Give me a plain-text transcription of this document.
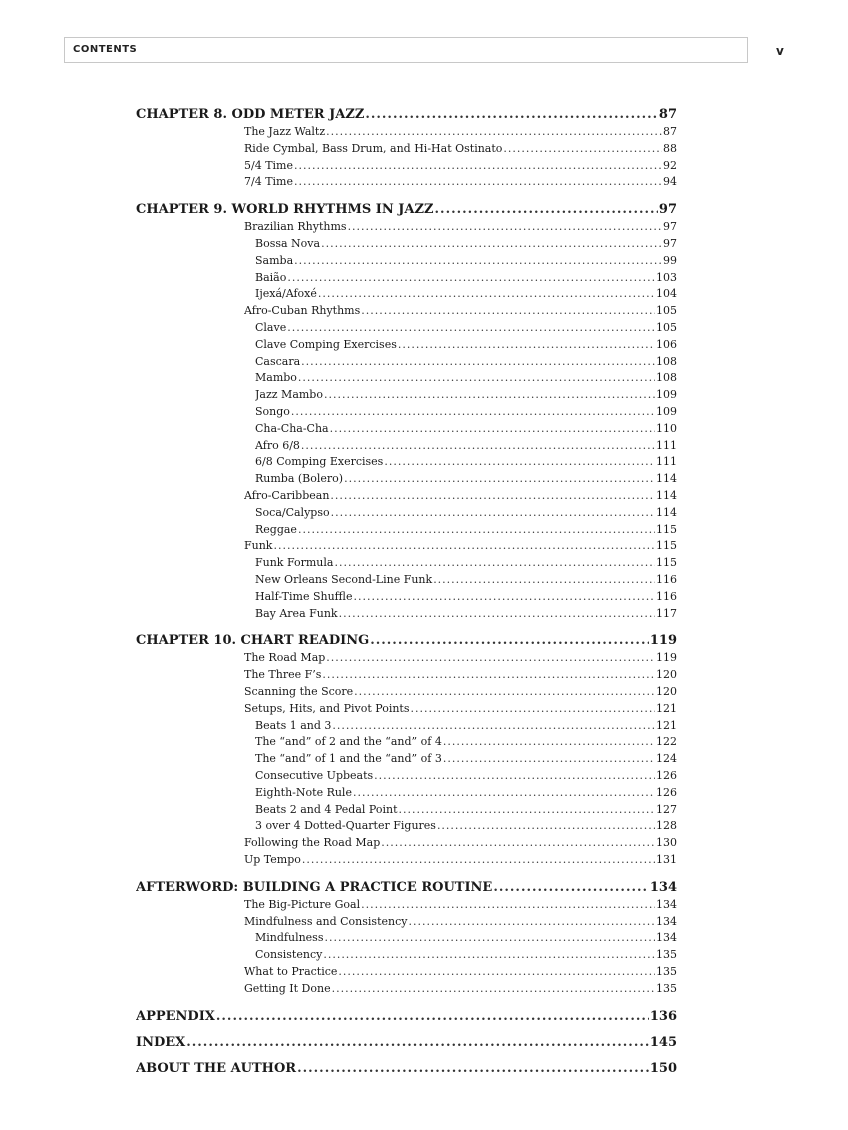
CONTENTS	v
CHAPTER 8. ODD METER JAZZ .....	87
The Jazz Waltz .....	87
Ride Cymbal, Bass Drum, and Hi-Hat Ostinato .....	88
5/4 Time .....	92
7/4 Time .....	94
CHAPTER 9. WORLD RHYTHMS IN JAZZ .....	97
Brazilian Rhythms .....	97
Bossa Nova .....	97
Samba .....	99
Baião .....	103
Ijexá/Afoxé .....	104
Afro-Cuban Rhythms .....	105
Clave .....	105
Clave Comping Exercises .....	106
Cascara .....	108
Mambo .....	108
Jazz Mambo .....	109
Songo .....	109
Cha-Cha-Cha .....	110
Afro 6/8 .....	111
6/8 Comping Exercises .....	111
Rumba (Bolero) .....	114
Afro-Caribbean .....	114
Soca/Calypso .....	114
Reggae .....	115
Funk .....	115
Funk Formula .....	115
New Orleans Second-Line Funk .....	116
Half-Time Shuffle .....	116
Bay Area Funk .....	117
CHAPTER 10. CHART READING .....	119
The Road Map .....	119
The Three F’s .....	120
Scanning the Score .....	120
Setups, Hits, and Pivot Points .....	121
Beats 1 and 3 .....	121
The “and” of 2 and the “and” of 4 .....	122
The “and” of 1 and the “and” of 3 .....	124
Consecutive Upbeats .....	126
Eighth-Note Rule .....	126
Beats 2 and 4 Pedal Point .....	127
3 over 4 Dotted-Quarter Figures .....	128
Following the Road Map .....	130
Up Tempo .....	131
AFTERWORD: BUILDING A PRACTICE ROUTINE .....	134
The Big-Picture Goal .....	134
Mindfulness and Consistency .....	134
Mindfulness .....	134
Consistency .....	135
What to Practice .....	135
Getting It Done .....	135
APPENDIX .....	136
INDEX .....	145
ABOUT THE AUTHOR .....	150
